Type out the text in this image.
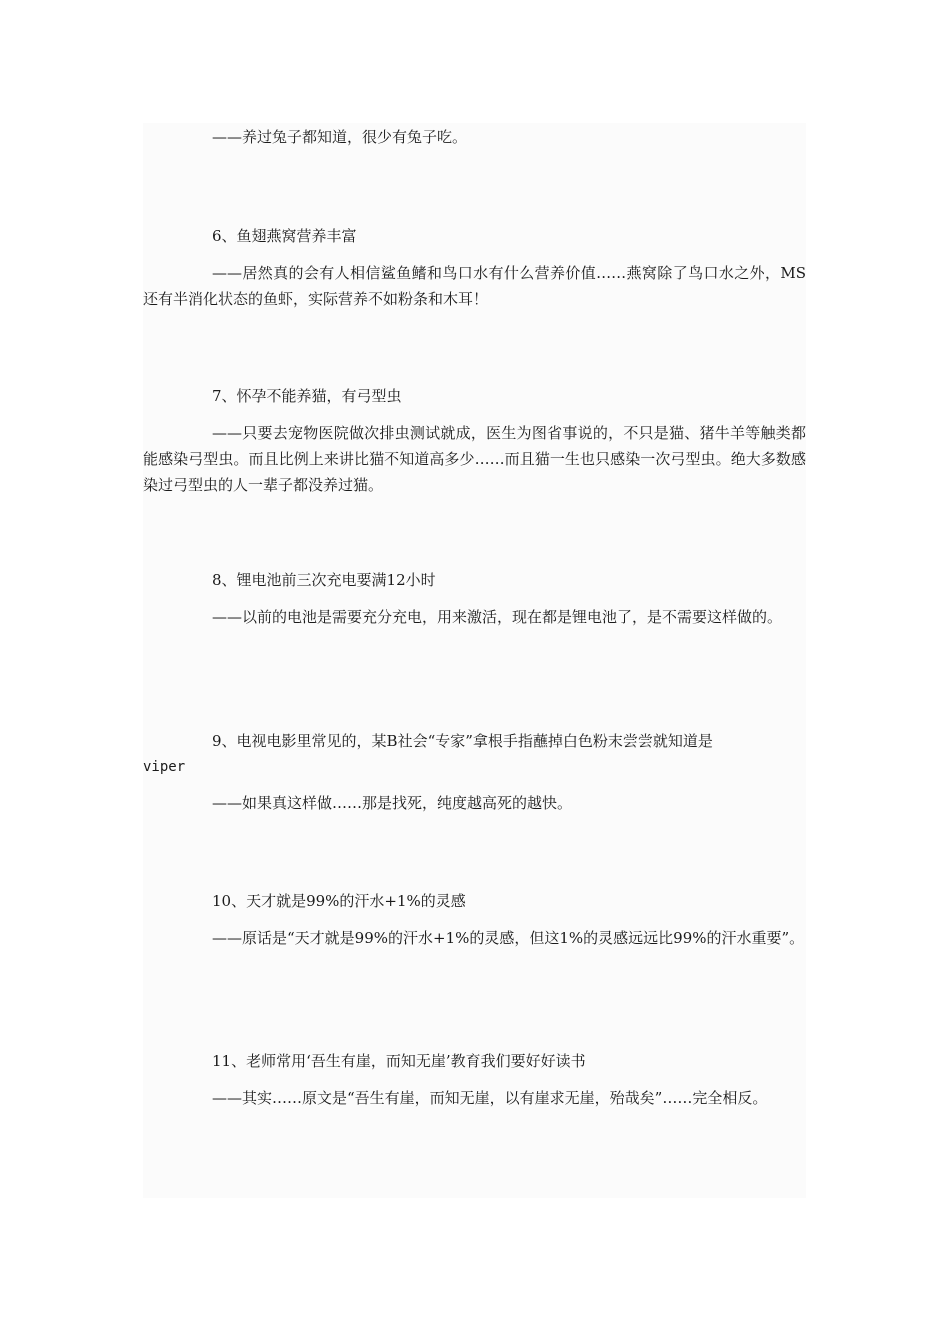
——养过兔子都知道，很少有兔子吃。

6、鱼翅燕窝营养丰富

——居然真的会有人相信鲨鱼鳍和鸟口水有什么营养价值……燕窝除了鸟口水之外，MS还有半消化状态的鱼虾，实际营养不如粉条和木耳！

7、怀孕不能养猫，有弓型虫

——只要去宠物医院做次排虫测试就成，医生为图省事说的，不只是猫、猪牛羊等触类都能感染弓型虫。而且比例上来讲比猫不知道高多少……而且猫一生也只感染一次弓型虫。绝大多数感染过弓型虫的人一辈子都没养过猫。

8、锂电池前三次充电要满12小时

——以前的电池是需要充分充电，用来激活，现在都是锂电池了，是不需要这样做的。

9、电视电影里常见的，某B社会“专家”拿根手指蘸掉白色粉末尝尝就知道是

viper

——如果真这样做……那是找死，纯度越高死的越快。

10、天才就是99%的汗水+1%的灵感

——原话是“天才就是99%的汗水+1%的灵感，但这1%的灵感远远比99%的汗水重要”。

11、老师常用‘吾生有崖，而知无崖’教育我们要好好读书

——其实……原文是“吾生有崖，而知无崖，以有崖求无崖，殆哉矣”……完全相反。
